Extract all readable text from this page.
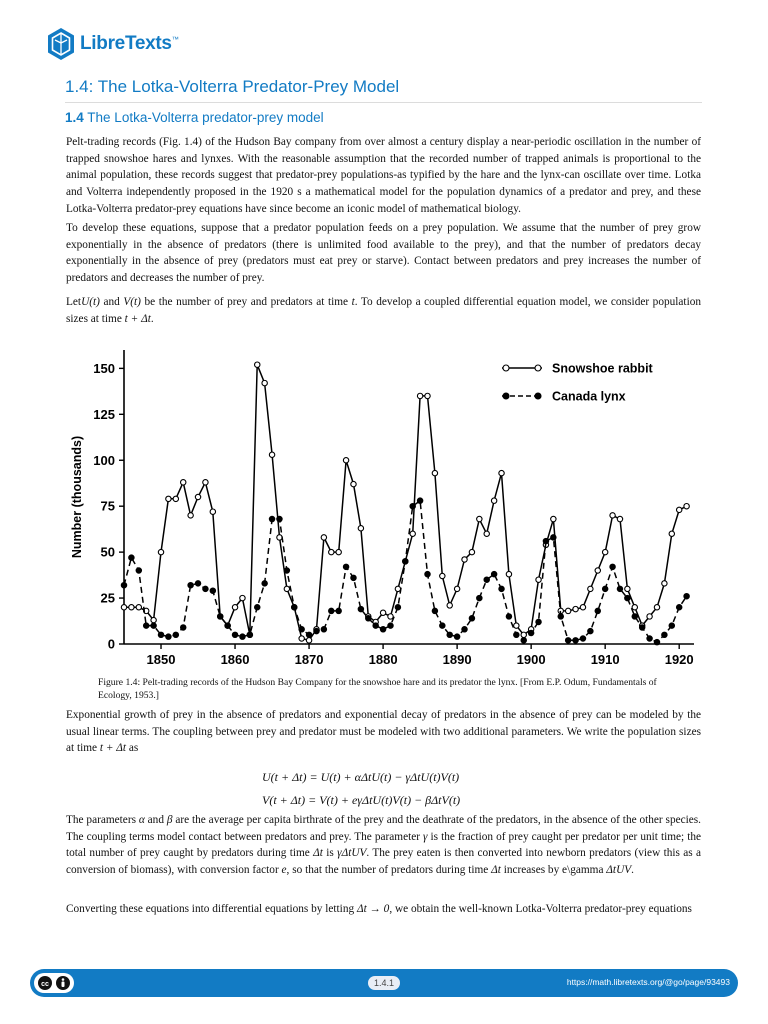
LibreTexts™
1.4: The Lotka-Volterra Predator-Prey Model
1.4 The Lotka-Volterra predator-prey model

Pelt-trading records (Fig. 1.4) of the Hudson Bay company from over almost a century display a near-periodic oscillation in the number of trapped snowshoe hares and lynxes. With the reasonable assumption that the recorded number of trapped animals is proportional to the animal population, these records suggest that predator-prey populations-as typified by the hare and the lynx-can oscillate over time. Lotka and Volterra independently proposed in the 1920 s a mathematical model for the population dynamics of a predator and prey, and these Lotka-Volterra predator-prey equations have since become an iconic model of mathematical biology.

To develop these equations, suppose that a predator population feeds on a prey population. We assume that the number of prey grow exponentially in the absence of predators (there is unlimited food available to the prey), and that the number of predators decay exponentially in the absence of prey (predators must eat prey or starve). Contact between predators and prey increases the number of predators and decreases the number of prey.

LetU(t) and V(t) be the number of prey and predators at time t. To develop a coupled differential equation model, we consider population sizes at time t + Δt.

0
25
50
75
100
125
150
1850	1860	1870	1880	1890	1900	1910	1920
Number (thousands)
Snowshoe rabbit
Canada lynx

Figure 1.4: Pelt-trading records of the Hudson Bay Company for the snowshoe hare and its predator the lynx. [From E.P. Odum, Fundamentals of Ecology, 1953.]

Exponential growth of prey in the absence of predators and exponential decay of predators in the absence of prey can be modeled by the usual linear terms. The coupling between prey and predator must be modeled with two additional parameters. We write the population sizes at time t + Δt as

U(t + Δt) = U(t) + αΔtU(t) − γΔtU(t)V(t)
V(t + Δt) = V(t) + eγΔtU(t)V(t) − βΔtV(t)

The parameters α and β are the average per capita birthrate of the prey and the deathrate of the predators, in the absence of the other species. The coupling terms model contact between predators and prey. The parameter γ is the fraction of prey caught per predator per unit time; the total number of prey caught by predators during time Δt is γΔtUV. The prey eaten is then converted into newborn predators (view this as a conversion of biomass), with conversion factor e, so that the number of predators during time Δt increases by e\gamma ΔtUV.

Converting these equations into differential equations by letting Δt → 0, we obtain the well-known Lotka-Volterra predator-prey equations

cc	1.4.1	https://math.libretexts.org/@go/page/93493
